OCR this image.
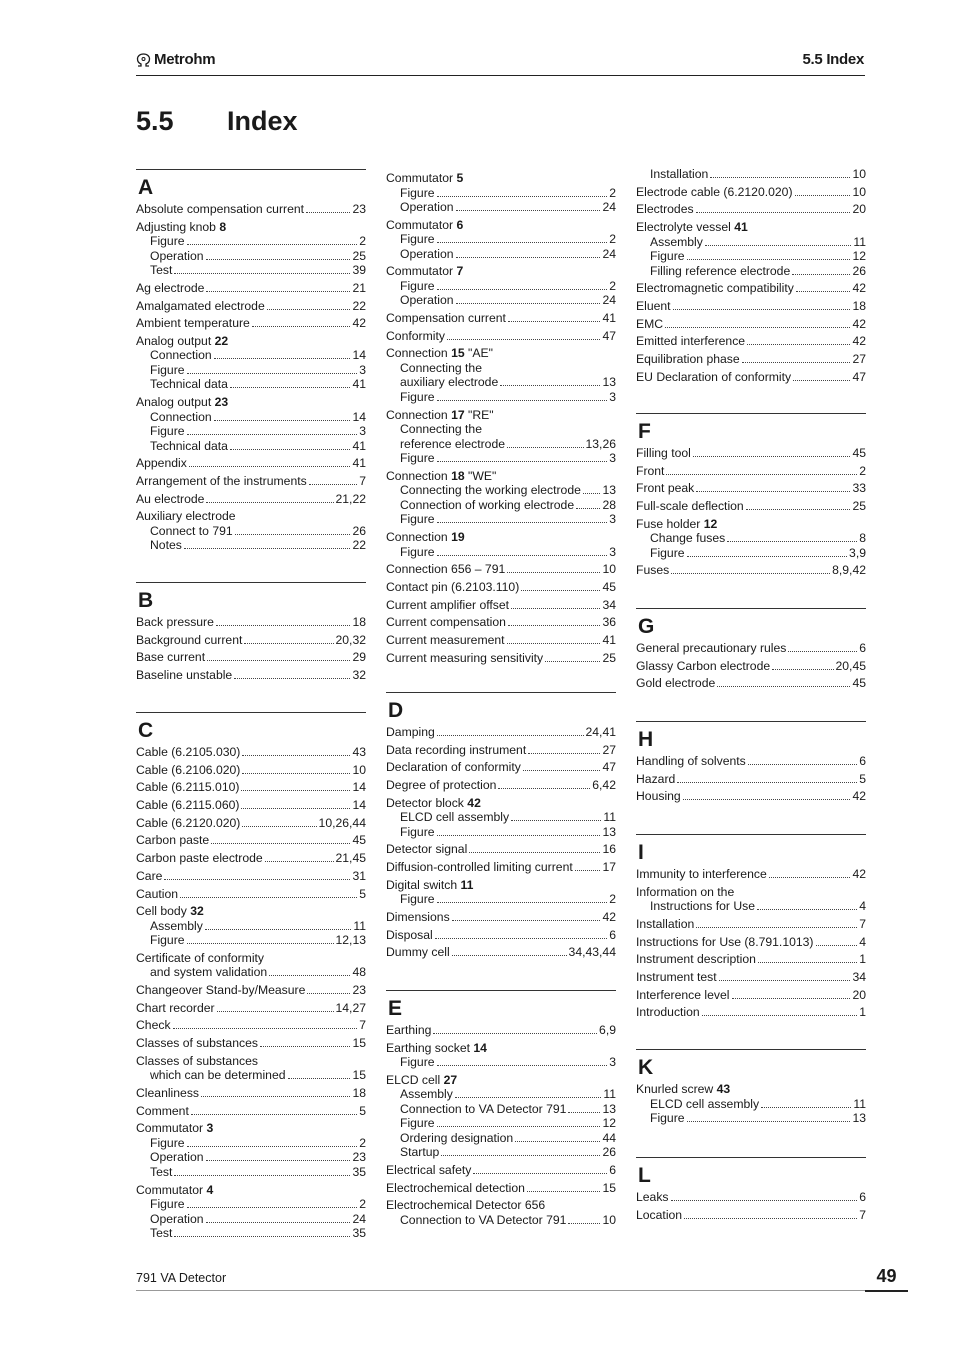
Metrohm	5.5 Index
5.5 Index
A
Absolute compensation current	23
Adjusting knob 8
Figure	2
Operation	25
Test	39
Ag electrode	21
Amalgamated electrode	22
Ambient temperature	42
Analog output 22
Connection	14
Figure	3
Technical data	41
Analog output 23
Connection	14
Figure	3
Technical data	41
Appendix	41
Arrangement of the instruments	7
Au electrode	21,22
Auxiliary electrode
Connect to 791	26
Notes	22
B
Back pressure	18
Background current	20,32
Base current	29
Baseline unstable	32
C
Cable (6.2105.030)	43
Cable (6.2106.020)	10
Cable (6.2115.010)	14
Cable (6.2115.060)	14
Cable (6.2120.020)	10,26,44
Carbon paste	45
Carbon paste electrode	21,45
Care	31
Caution	5
Cell body 32
Assembly	11
Figure	12,13
Certificate of conformity
and system validation	48
Changeover Stand-by/Measure	23
Chart recorder	14,27
Check	7
Classes of substances	15
Classes of substances
which can be determined	15
Cleanliness	18
Comment	5
Commutator 3
Figure	2
Operation	23
Test	35
Commutator 4
Figure	2
Operation	24
Test	35
Commutator 5
Figure	2
Operation	24
Commutator 6
Figure	2
Operation	24
Commutator 7
Figure	2
Operation	24
Compensation current	41
Conformity	47
Connection 15 "AE"
Connecting the
auxiliary electrode	13
Figure	3
Connection 17 "RE"
Connecting the
reference electrode	13,26
Figure	3
Connection 18 "WE"
Connecting the working electrode 13
Connection of working electrode 28
Figure	3
Connection 19
Figure	3
Connection 656 – 791	10
Contact pin (6.2103.110)	45
Current amplifier offset	34
Current compensation	36
Current measurement	41
Current measuring sensitivity	25
D
Damping	24,41
Data recording instrument	27
Declaration of conformity	47
Degree of protection	6,42
Detector block 42
ELCD cell assembly	11
Figure	13
Detector signal	16
Diffusion-controlled limiting current 17
Digital switch 11
Figure	2
Dimensions	42
Disposal	6
Dummy cell	34,43,44
E
Earthing	6,9
Earthing socket 14
Figure	3
ELCD cell 27
Assembly	11
Connection to VA Detector 791	13
Figure	12
Ordering designation	44
Startup	26
Electrical safety	6
Electrochemical detection	15
Electrochemical Detector 656
Connection to VA Detector 791	10
Installation	10
Electrode cable (6.2120.020)	10
Electrodes	20
Electrolyte vessel 41
Assembly	11
Figure	12
Filling reference electrode	26
Electromagnetic compatibility	42
Eluent	18
EMC	42
Emitted interference	42
Equilibration phase	27
EU Declaration of conformity	47
F
Filling tool	45
Front	2
Front peak	33
Full-scale deflection	25
Fuse holder 12
Change fuses	8
Figure	3,9
Fuses	8,9,42
G
General precautionary rules	6
Glassy Carbon electrode	20,45
Gold electrode	45
H
Handling of solvents	6
Hazard	5
Housing	42
I
Immunity to interference	42
Information on the
Instructions for Use	4
Installation	7
Instructions for Use (8.791.1013)	4
Instrument description	1
Instrument test	34
Interference level	20
Introduction	1
K
Knurled screw 43
ELCD cell assembly	11
Figure	13
L
Leaks	6
Location	7
791 VA Detector	49
